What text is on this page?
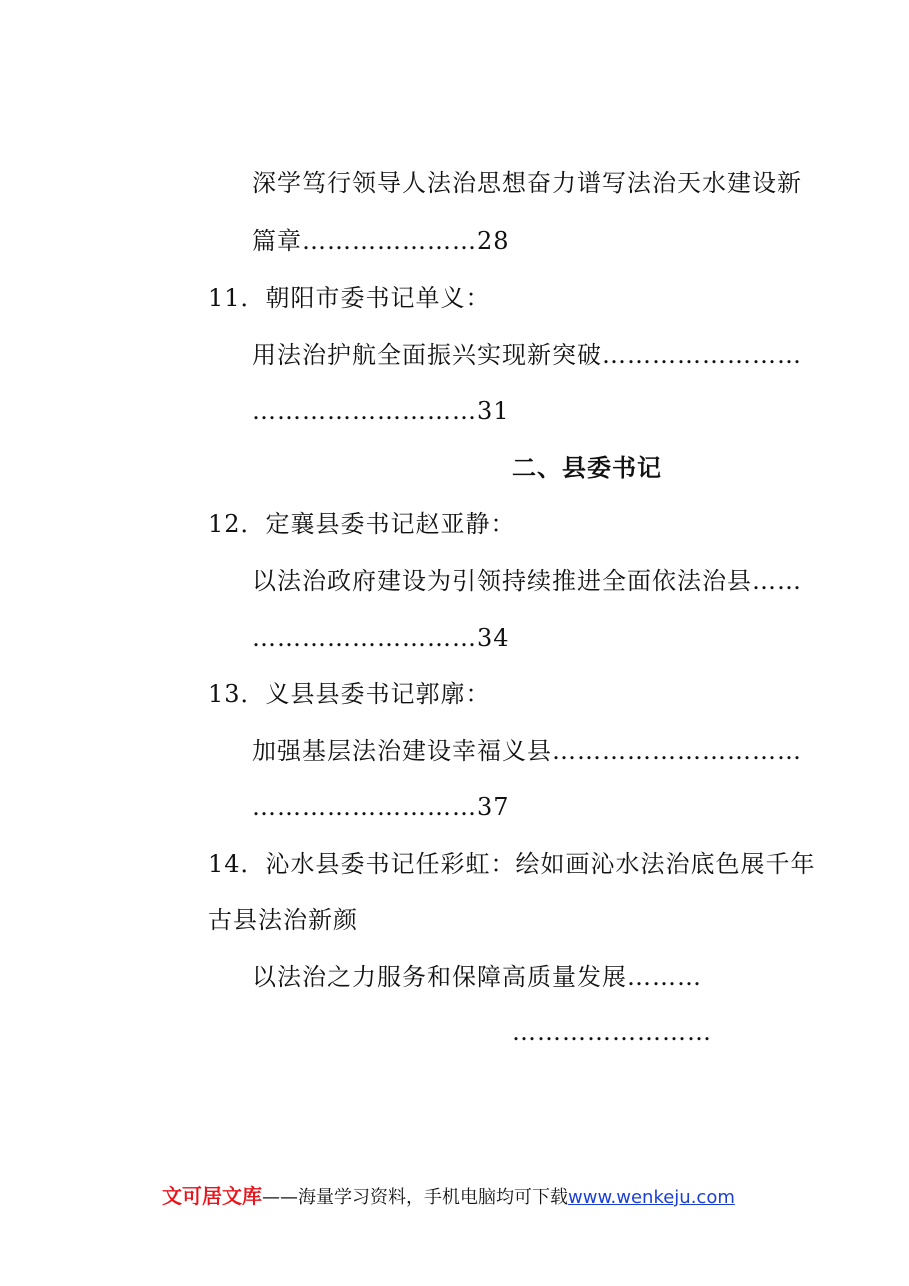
深学笃行领导人法治思想奋力谱写法治天水建设新
篇章…………………28
11．朝阳市委书记单义：
用法治护航全面振兴实现新突破……………………
………………………31
二、县委书记
12．定襄县委书记赵亚静：
以法治政府建设为引领持续推进全面依法治县……
………………………34
13．义县县委书记郭廓：
加强基层法治建设幸福义县…………………………
………………………37
14．沁水县委书记任彩虹：绘如画沁水法治底色展千年
古县法治新颜
以法治之力服务和保障高质量发展………
……………………
文可居文库——海量学习资料，手机电脑均可下载www.wenkeju.com
